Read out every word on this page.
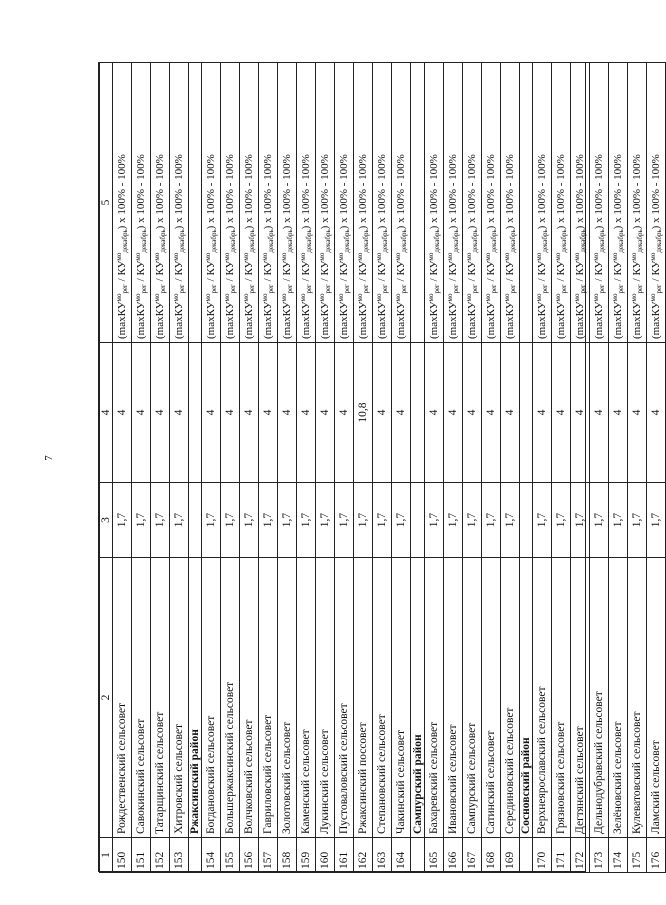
7
1	2	3	4	5
150	Рождественский сельсовет	1,7	4	$(\max КУ^{мо}_{рег} / КУ^{мо}_{декабрь})$ x 100% - 100%
151	Савокинский сельсовет	1,7	4	$(\max КУ^{мо}_{рег} / КУ^{мо}_{декабрь})$ x 100% - 100%
152	Татарщинский сельсовет	1,7	4	$(\max КУ^{мо}_{рег} / КУ^{мо}_{декабрь})$ x 100% - 100%
153	Хитровский сельсовет	1,7	4	$(\max КУ^{мо}_{рег} / КУ^{мо}_{декабрь})$ x 100% - 100%
	Ржаксинский район			
154	Богдановский сельсовет	1,7	4	$(\max КУ^{мо}_{рег} / КУ^{мо}_{декабрь})$ x 100% - 100%
155	Большержаксинский сельсовет	1,7	4	$(\max КУ^{мо}_{рег} / КУ^{мо}_{декабрь})$ x 100% - 100%
156	Волчковский сельсовет	1,7	4	$(\max КУ^{мо}_{рег} / КУ^{мо}_{декабрь})$ x 100% - 100%
157	Гавриловский сельсовет	1,7	4	$(\max КУ^{мо}_{рег} / КУ^{мо}_{декабрь})$ x 100% - 100%
158	Золотовский сельсовет	1,7	4	$(\max КУ^{мо}_{рег} / КУ^{мо}_{декабрь})$ x 100% - 100%
159	Каменский сельсовет	1,7	4	$(\max КУ^{мо}_{рег} / КУ^{мо}_{декабрь})$ x 100% - 100%
160	Лукинский сельсовет	1,7	4	$(\max КУ^{мо}_{рег} / КУ^{мо}_{декабрь})$ x 100% - 100%
161	Пустоваловский сельсовет	1,7	4	$(\max КУ^{мо}_{рег} / КУ^{мо}_{декабрь})$ x 100% - 100%
162	Ржаксинский поссовет	1,7	10,8	$(\max КУ^{мо}_{рег} / КУ^{мо}_{декабрь})$ x 100% - 100%
163	Степановский сельсовет	1,7	4	$(\max КУ^{мо}_{рег} / КУ^{мо}_{декабрь})$ x 100% - 100%
164	Чакинский сельсовет	1,7	4	$(\max КУ^{мо}_{рег} / КУ^{мо}_{декабрь})$ x 100% - 100%
	Сампурский район			
165	Бахаревский сельсовет	1,7	4	$(\max КУ^{мо}_{рег} / КУ^{мо}_{декабрь})$ x 100% - 100%
166	Ивановский сельсовет	1,7	4	$(\max КУ^{мо}_{рег} / КУ^{мо}_{декабрь})$ x 100% - 100%
167	Сампурский сельсовет	1,7	4	$(\max КУ^{мо}_{рег} / КУ^{мо}_{декабрь})$ x 100% - 100%
168	Сатинский сельсовет	1,7	4	$(\max КУ^{мо}_{рег} / КУ^{мо}_{декабрь})$ x 100% - 100%
169	Серединовский сельсовет	1,7	4	$(\max КУ^{мо}_{рег} / КУ^{мо}_{декабрь})$ x 100% - 100%
	Сосновский район			
170	Верхнеярославский сельсовет	1,7	4	$(\max КУ^{мо}_{рег} / КУ^{мо}_{декабрь})$ x 100% - 100%
171	Грязновский сельсовет	1,7	4	$(\max КУ^{мо}_{рег} / КУ^{мо}_{декабрь})$ x 100% - 100%
172	Дегтянский сельсовет	1,7	4	$(\max КУ^{мо}_{рег} / КУ^{мо}_{декабрь})$ x 100% - 100%
173	Дельнодубравский сельсовет	1,7	4	$(\max КУ^{мо}_{рег} / КУ^{мо}_{декабрь})$ x 100% - 100%
174	Зелёновский сельсовет	1,7	4	$(\max КУ^{мо}_{рег} / КУ^{мо}_{декабрь})$ x 100% - 100%
175	Кулеватовский сельсовет	1,7	4	$(\max КУ^{мо}_{рег} / КУ^{мо}_{декабрь})$ x 100% - 100%
176	Ламский сельсовет	1,7	4	$(\max КУ^{мо}_{рег} / КУ^{мо}_{декабрь})$ x 100% - 100%
